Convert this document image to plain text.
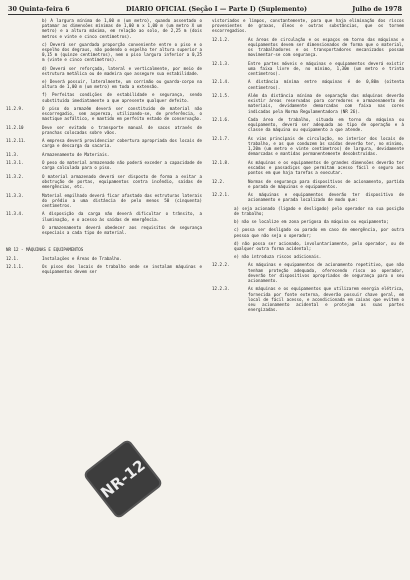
30 Quinta-feira 6	DIARIO OFICIAL (Seção I — Parte I) (Suplemento)	Julho de 1978
b) A largura mínima de 1,00 m (um metro), quando assentado o patamar as dimensões mínimas de 1,00 m x 1,00 m (um metro X um metro) e a altura máxima, em relação ao solo, de 2,25 m (dois metros e vinte e cinco centímetros).
c) Deverá ser guardada proporção conveniente entre o piso e o espelho dos degraus, não podendo o espelho ter altura superior a 0,15 m (quinze centímetros), nem o piso largura inferior a 0,25 m (vinte e cinco centímetros).
d) Deverá ser reforçada, lateral e verticalmente, por meio de estrutura metálica ou de madeira que assegure sua estabilidade.
e) Deverá possuir, lateralmente, um corrimão ou guarda-corpo na altura de 1,00 m (um metro) em toda a extensão.
f) Perfeitas condições de estabilidade e segurança, sendo substituída imediatamente a que apresente qualquer defeito.
11.2.9.	O piso do armazém deverá ser constituído de material não escorregadio, sem aspereza, utilizando-se, de preferência, o mastique asfáltico, e mantido em perfeito estado de conservação.
11.2.10	Deve ser evitado o transporte manual de sacos através de pranchas colocadas sobre vãos.
11.2.11.	A empresa deverá providenciar cobertura apropriada dos locais de carga e descarga da sacaria.
11.3.	Armazenamento de Materiais.
11.3.1.	O peso do material armazenado não poderá exceder a capacidade de carga calculada para o piso.
11.3.2.	O material armazenado deverá ser disposto de forma a evitar a obstrução de portas, equipamentos contra incêndio, saídas de emergências, etc.
11.3.3.	Material empilhado deverá ficar afastado das estruturas laterais do prédio a uma distância de pelo menos 50 (cinquenta) centímetros.
11.3.4.	A disposição da carga não deverá dificultar o trânsito, a iluminação, e o acesso às saídas de emergência.
O armazenamento deverá obedecer aos requisitos de segurança especiais a cada tipo de material.
NR 12 - MÁQUINAS E EQUIPAMENTOS
12.1.	Instalações e Áreas de Trabalho.
12.1.1.	Os pisos dos locais de trabalho onde se instalam máquinas e equipamentos devem ser
NR-12
vistoriados e limpos, constantemente, para que haja eliminação dos riscos provenientes de graxas, óleos e outras substâncias, que os tornem escorregadios.
12.1.2.	As áreas de circulação e os espaços em torno das máquinas e equipamentos devem ser dimensionados de forma que o material, os trabalhadores e os transportadores mecanizados possam movimentar-se com segurança.
12.1.3.	Entre partes móveis e máquinas e equipamentos deverá existir uma faixa livre de, no mínimo, 1,30m (um metro e trinta centímetros).
12.1.4.	A distância mínima entre máquinas é de 0,80m (oitenta centímetros).
12.1.5.	Além da distância mínima de separação das máquinas deverão existir áreas reservadas para corredores e armazenamento de materiais, devidamente demarcadas com faixa nas cores indicadas pela Norma Regulamentadora (NR 26).
12.1.6.	Cada área de trabalho, situada em torno da máquina ou equipamento, deverá ser adequada ao tipo de operação e à classe da máquina ou equipamento a que atende.
12.1.7.	As vias principais de circulação, no interior dos locais de trabalho, e as que conduzem às saídas deverão ter, no mínimo, 1,20m (um metro e vinte centímetros) de largura, devidamente demarcadas e mantidas permanentemente desobstruídas.
12.1.8.	As máquinas e os equipamentos de grandes dimensões deverão ter escadas e passadiços que permitam acesso fácil e seguro aos pontos em que haja tarefas a executar.
12.2.	Normas de segurança para dispositivos de acionamento, partida e parada de máquinas e equipamentos.
12.2.1.	As máquinas e equipamentos deverão ter dispositivo de acionamento e parada localizado de modo que:
a) seja acionado (ligado e desligado) pelo operador na sua posição de trabalho;
b) não se localize em zona perigosa da máquina ou equipamento;
c) possa ser desligado ou parado em caso de emergência, por outra pessoa que não seja o operador;
d) não possa ser acionado, involuntariamente, pelo operador, ou de qualquer outra forma acidental;
e) não introduza riscos adicionais.
12.2.2.	As máquinas e equipamentos de acionamento repetitivo, que não tenham proteção adequada, oferecendo risco ao operador, deverão ter dispositivos apropriados de segurança para o seu acionamento.
12.2.3.	As máquinas e os equipamentos que utilizarem energia elétrica, fornecida por fonte externa, deverão possuir chave geral, em local de fácil acesso, e acondicionada em caixas que evitem o seu acionamento acidental e protejam as suas partes energizadas.
